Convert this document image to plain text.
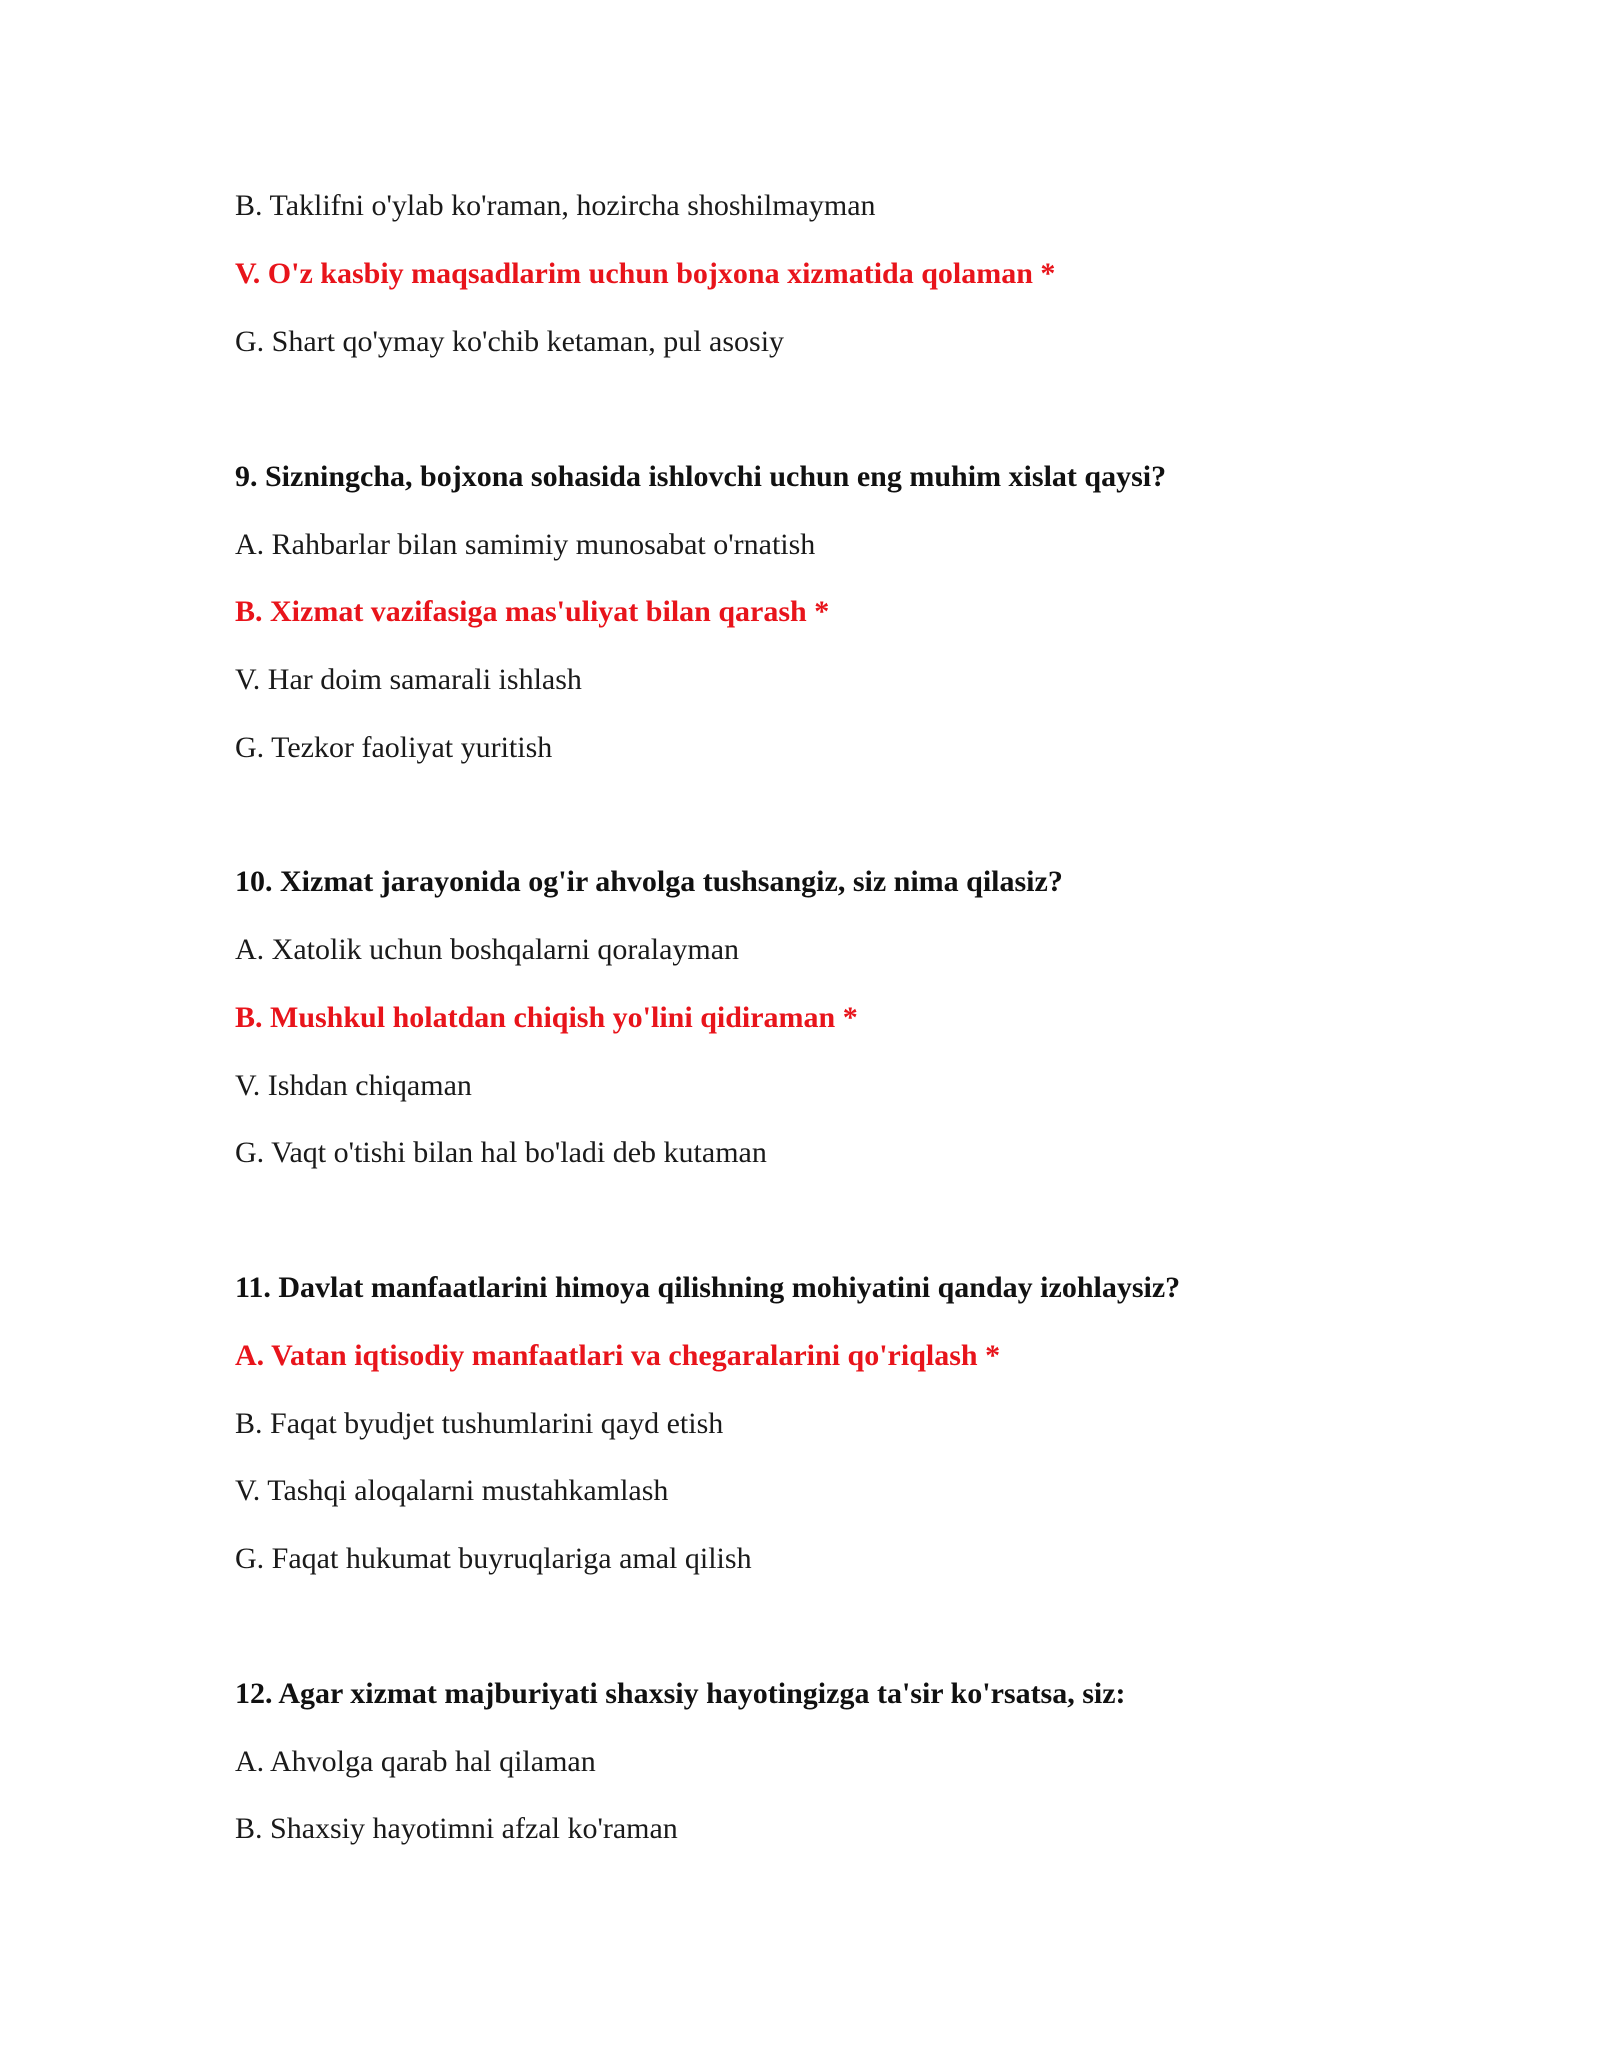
B. Taklifni o'ylab ko'raman, hozircha shoshilmayman

V. O'z kasbiy maqsadlarim uchun bojxona xizmatida qolaman *

G. Shart qo'ymay ko'chib ketaman, pul asosiy

9. Sizningcha, bojxona sohasida ishlovchi uchun eng muhim xislat qaysi?

A. Rahbarlar bilan samimiy munosabat o'rnatish

B. Xizmat vazifasiga mas'uliyat bilan qarash *

V. Har doim samarali ishlash

G. Tezkor faoliyat yuritish

10. Xizmat jarayonida og'ir ahvolga tushsangiz, siz nima qilasiz?

A. Xatolik uchun boshqalarni qoralayman

B. Mushkul holatdan chiqish yo'lini qidiraman *

V. Ishdan chiqaman

G. Vaqt o'tishi bilan hal bo'ladi deb kutaman

11. Davlat manfaatlarini himoya qilishning mohiyatini qanday izohlaysiz?

A. Vatan iqtisodiy manfaatlari va chegaralarini qo'riqlash *

B. Faqat byudjet tushumlarini qayd etish

V. Tashqi aloqalarni mustahkamlash

G. Faqat hukumat buyruqlariga amal qilish

12. Agar xizmat majburiyati shaxsiy hayotingizga ta'sir ko'rsatsa, siz:

A. Ahvolga qarab hal qilaman

B. Shaxsiy hayotimni afzal ko'raman
